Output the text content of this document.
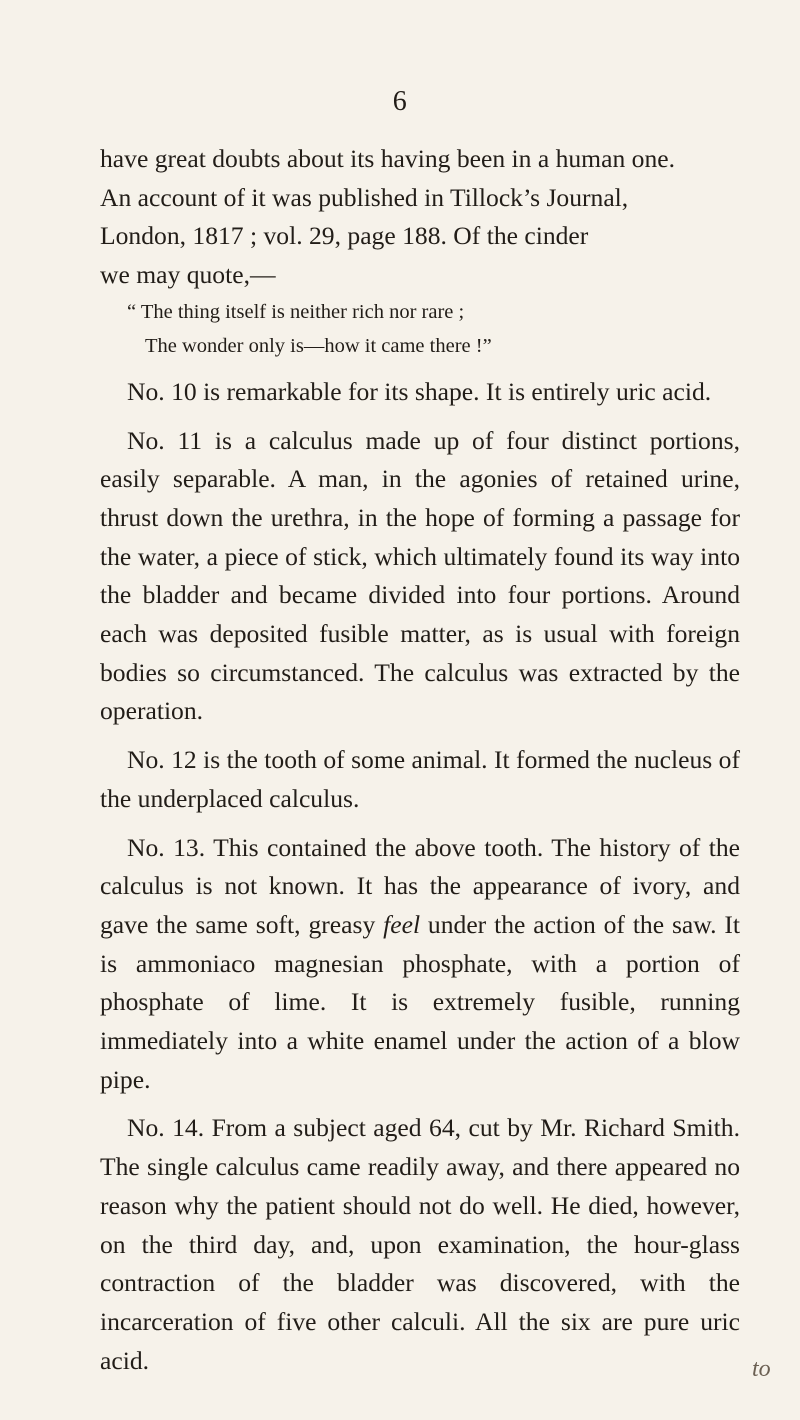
6

have great doubts about its having been in a human one.
An account of it was published in Tillock’s Journal,
London, 1817 ; vol. 29, page 188. Of the cinder
we may quote,—

“ The thing itself is neither rich nor rare ;
The wonder only is—how it came there !”

No. 10 is remarkable for its shape. It is entirely uric acid.

No. 11 is a calculus made up of four distinct portions, easily separable. A man, in the agonies of retained urine, thrust down the urethra, in the hope of forming a passage for the water, a piece of stick, which ultimately found its way into the bladder and became divided into four portions. Around each was deposited fusible matter, as is usual with foreign bodies so circumstanced. The calculus was extracted by the operation.

No. 12 is the tooth of some animal. It formed the nucleus of the underplaced calculus.

No. 13. This contained the above tooth. The history of the calculus is not known. It has the appearance of ivory, and gave the same soft, greasy feel under the action of the saw. It is ammoniaco magnesian phosphate, with a portion of phosphate of lime. It is extremely fusible, running immediately into a white enamel under the action of a blow pipe.

No. 14. From a subject aged 64, cut by Mr. Richard Smith. The single calculus came readily away, and there appeared no reason why the patient should not do well. He died, however, on the third day, and, upon examination, the hour-glass contraction of the bladder was discovered, with the incarceration of five other calculi. All the six are pure uric acid.	to
